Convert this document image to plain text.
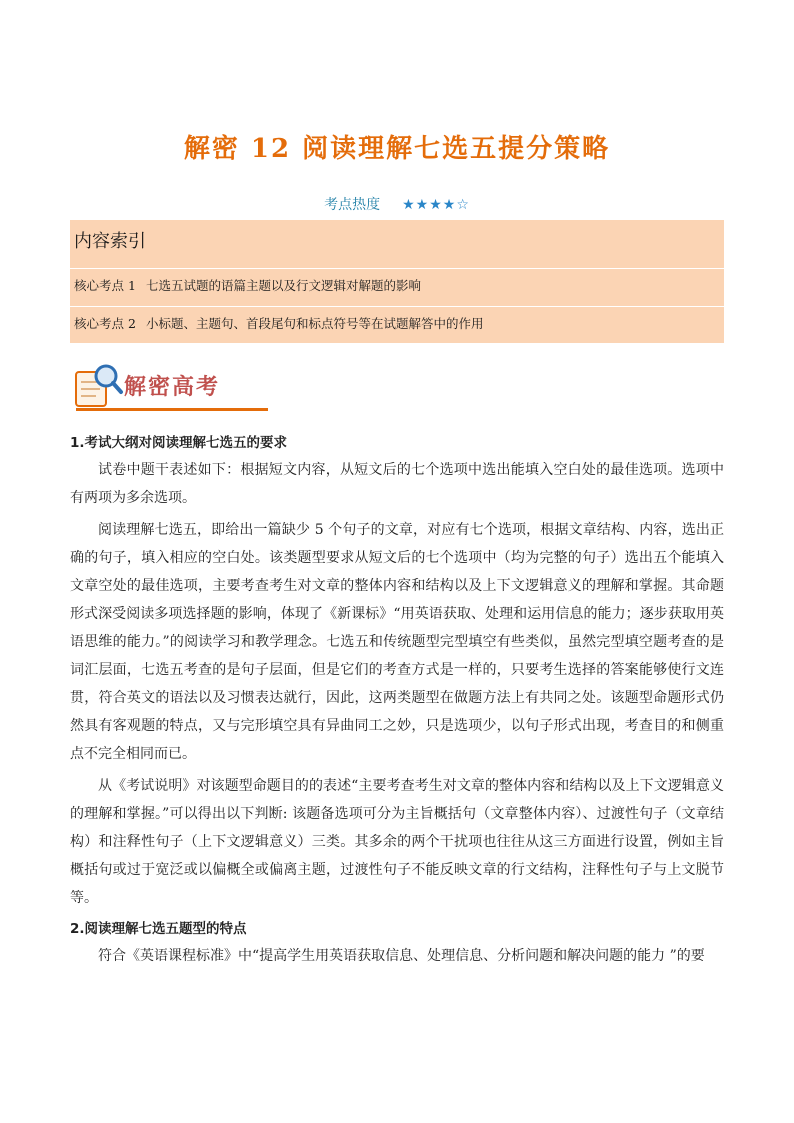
解密 12 阅读理解七选五提分策略
考点热度 ★★★★☆
内容索引
核心考点 1 七选五试题的语篇主题以及行文逻辑对解题的影响
核心考点 2 小标题、主题句、首段尾句和标点符号等在试题解答中的作用
解密高考
1.考试大纲对阅读理解七选五的要求

试卷中题干表述如下：根据短文内容，从短文后的七个选项中选出能填入空白处的最佳选项。选项中有两项为多余选项。

阅读理解七选五，即给出一篇缺少 5 个句子的文章，对应有七个选项，根据文章结构、内容，选出正确的句子，填入相应的空白处。该类题型要求从短文后的七个选项中（均为完整的句子）选出五个能填入文章空处的最佳选项，主要考查考生对文章的整体内容和结构以及上下文逻辑意义的理解和掌握。其命题形式深受阅读多项选择题的影响，体现了《新课标》“用英语获取、处理和运用信息的能力；逐步获取用英语思维的能力。”的阅读学习和教学理念。七选五和传统题型完型填空有些类似，虽然完型填空题考查的是词汇层面，七选五考查的是句子层面，但是它们的考查方式是一样的，只要考生选择的答案能够使行文连贯，符合英文的语法以及习惯表达就行，因此，这两类题型在做题方法上有共同之处。该题型命题形式仍然具有客观题的特点，又与完形填空具有异曲同工之妙，只是选项少，以句子形式出现，考查目的和侧重点不完全相同而已。

从《考试说明》对该题型命题目的的表述“主要考查考生对文章的整体内容和结构以及上下文逻辑意义的理解和掌握。”可以得出以下判断: 该题备选项可分为主旨概括句（文章整体内容）、过渡性句子（文章结构）和注释性句子（上下文逻辑意义）三类。其多余的两个干扰项也往往从这三方面进行设置，例如主旨概括句或过于宽泛或以偏概全或偏离主题，过渡性句子不能反映文章的行文结构，注释性句子与上文脱节等。

2.阅读理解七选五题型的特点

符合《英语课程标准》中“提高学生用英语获取信息、处理信息、分析问题和解决问题的能力 ”的要
